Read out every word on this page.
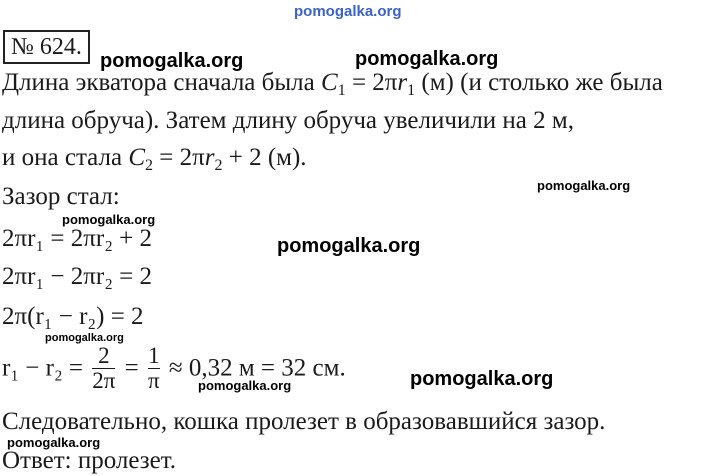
pomogalka.org
№ 624.
pomogalka.org	pomogalka.org
pomogalka.org
pomogalka.org
pomogalka.org
pomogalka.org
pomogalka.org	pomogalka.org
pomogalka.org
Длина экватора сначала была $C_1 = 2\pi r_1$ (м) (и столько же была
длина обруча). Затем длину обруча увеличили на 2 м,
и она стала $C_2 = 2\pi r_2 + 2$ (м).
Зазор стал:
2πr₁ = 2πr₂ + 2
2πr₁ − 2πr₂ = 2
2π(r₁ − r₂) = 2
$r_1 - r_2 = \frac{2}{2\pi} = \frac{1}{\pi} \approx 0,32$ м = 32 см.
Следовательно, кошка пролезет в образовавшийся зазор.
Ответ: пролезет.
